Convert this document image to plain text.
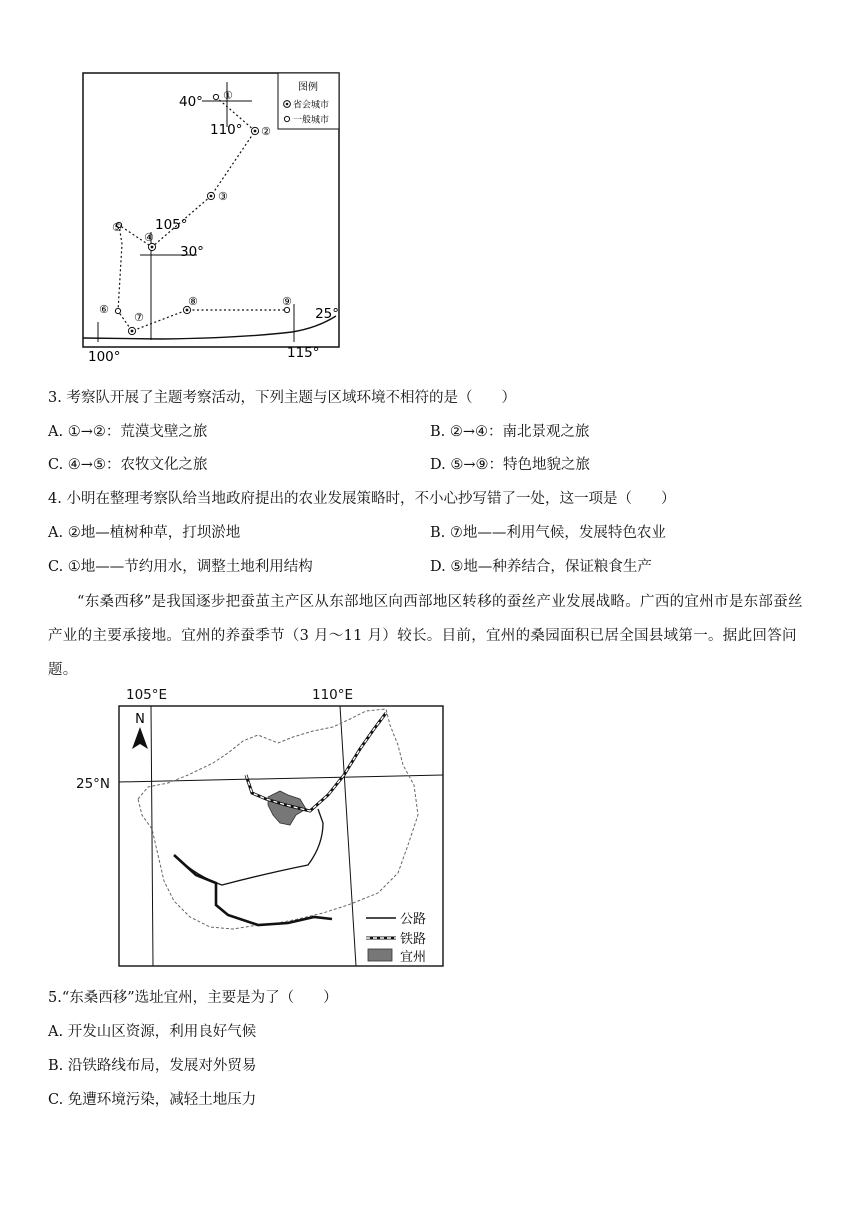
图例
省会城市
一般城市
40°
110°
105°
30°
25°
100°	115°
①
②
③
④
⑤
⑥
⑦
⑧	⑨
3. 考察队开展了主题考察活动，下列主题与区域环境不相符的是（　　）
A. ①→②：荒漠戈壁之旅	B. ②→④：南北景观之旅
C. ④→⑤：农牧文化之旅	D. ⑤→⑨：特色地貌之旅
4. 小明在整理考察队给当地政府提出的农业发展策略时，不小心抄写错了一处，这一项是（　　）
A. ②地—植树种草，打坝淤地	B. ⑦地——利用气候，发展特色农业
C. ①地——节约用水，调整土地利用结构	D. ⑤地—种养结合，保证粮食生产
“东桑西移”是我国逐步把蚕茧主产区从东部地区向西部地区转移的蚕丝产业发展战略。广西的宜州市是东部蚕丝产业的主要承接地。宜州的养蚕季节（3 月～11 月）较长。目前，宜州的桑园面积已居全国县域第一。据此回答问题。
105°E	110°E
25°N
N
公路
铁路
宜州
5.“东桑西移”选址宜州，主要是为了（　　）
A. 开发山区资源，利用良好气候
B. 沿铁路线布局，发展对外贸易
C. 免遭环境污染，减轻土地压力
